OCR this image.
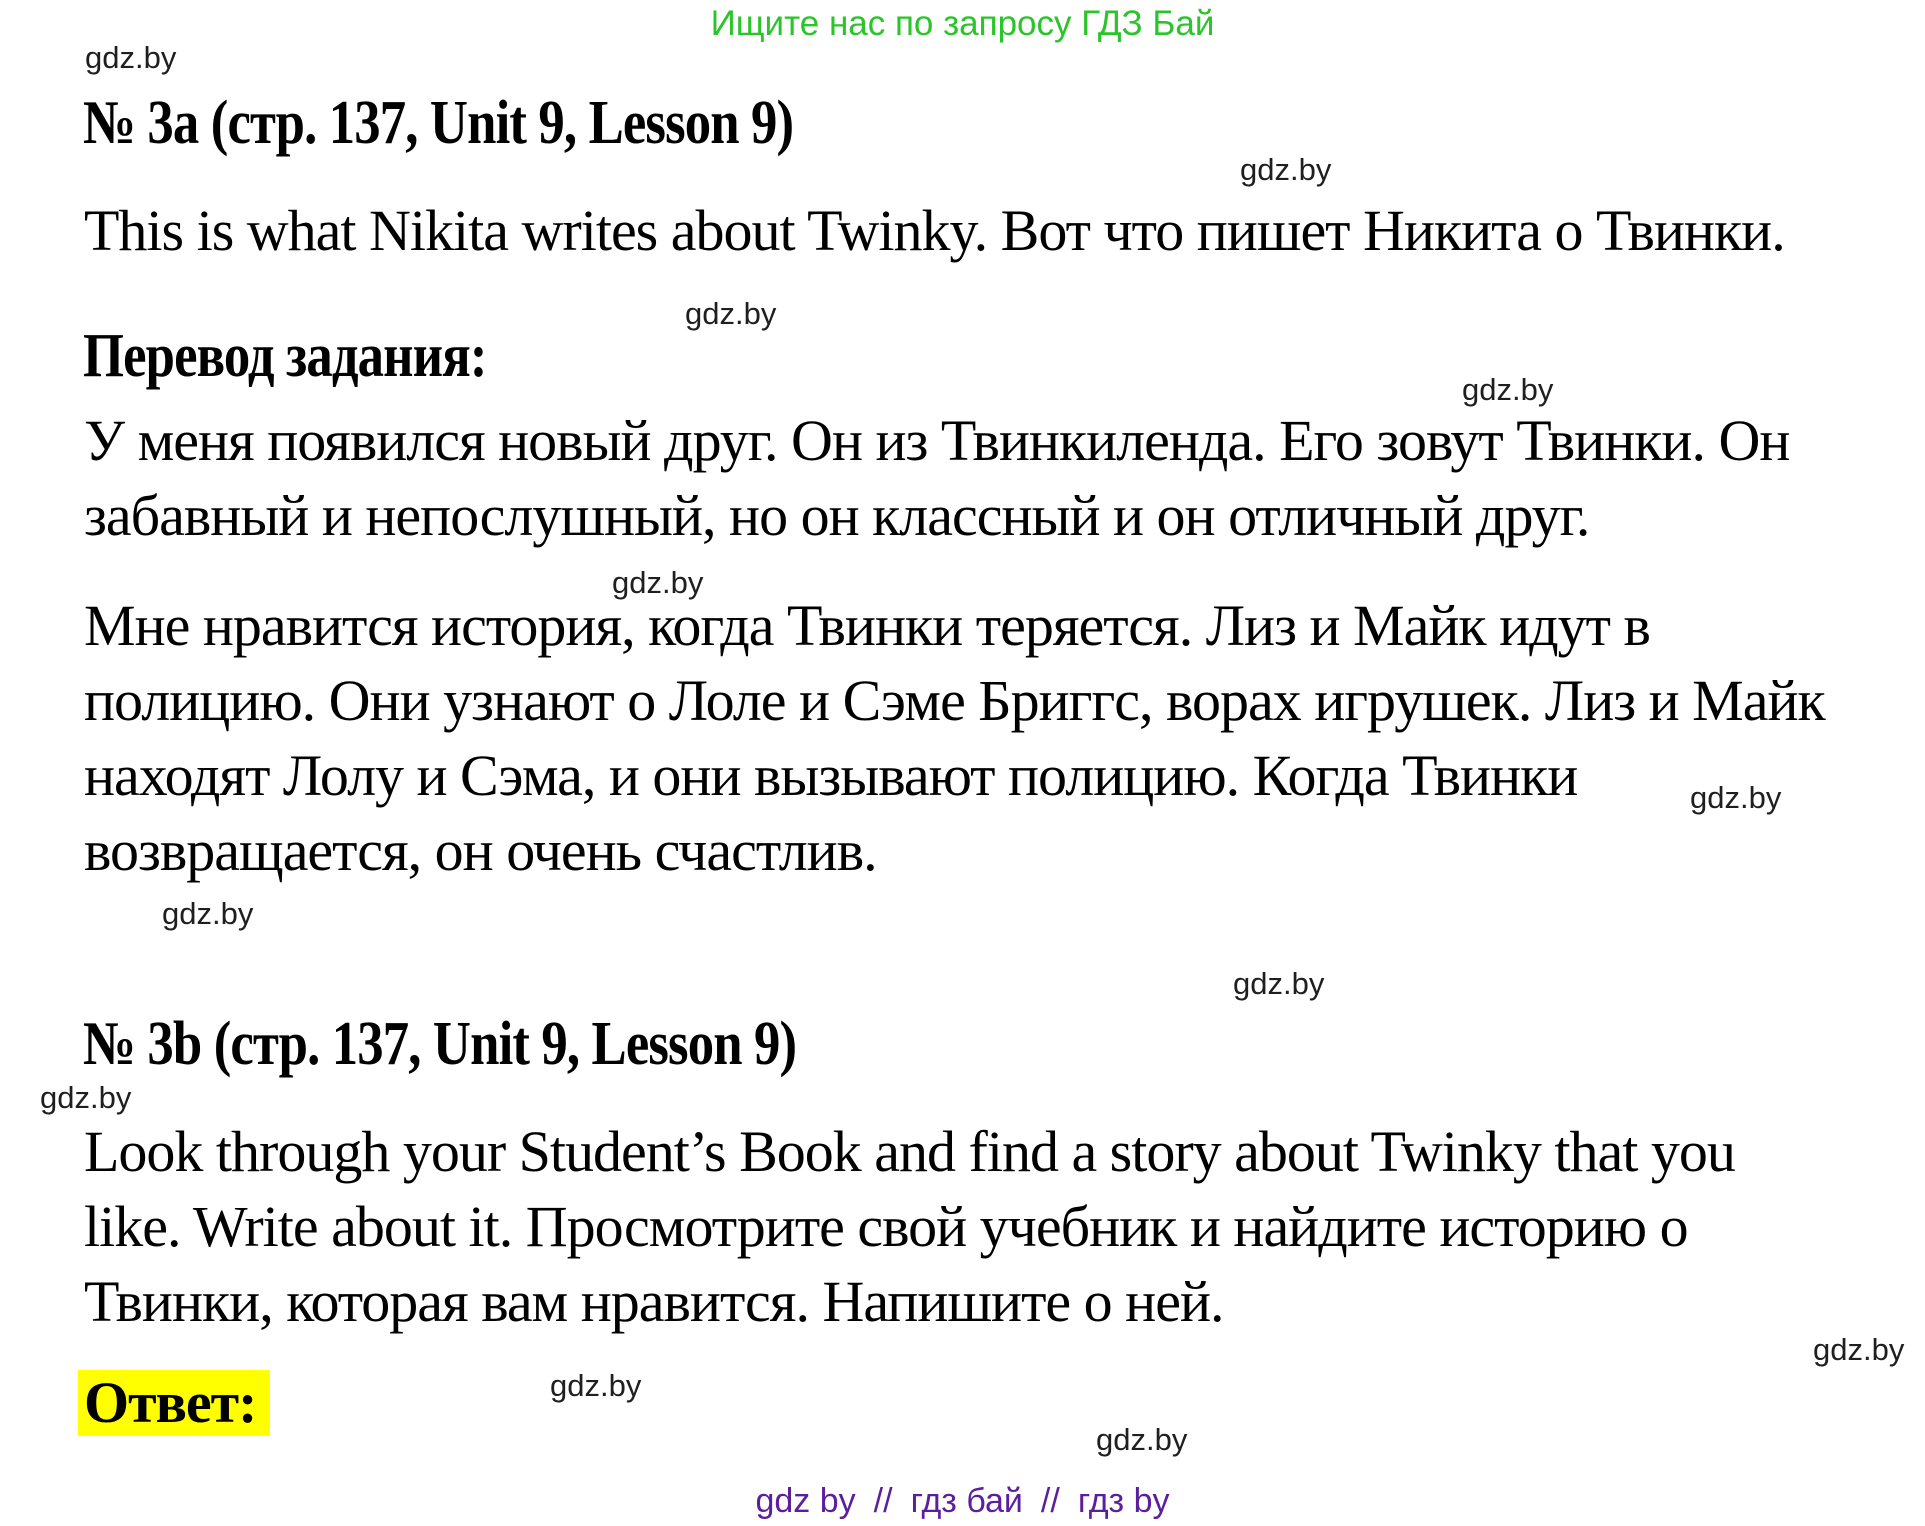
Ищите нас по запросу ГДЗ Бай
gdz.by
gdz.by
gdz.by
gdz.by
gdz.by
gdz.by
gdz.by
gdz.by
gdz.by
gdz.by
gdz.by
gdz.by
№ 3a (стр. 137, Unit 9, Lesson 9)
This is what Nikita writes about Twinky. Вот что пишет Никита о Твинки.
Перевод задания:
У меня появился новый друг. Он из Твинкиленда. Его зовут Твинки. Он
забавный и непослушный, но он классный и он отличный друг.
Мне нравится история, когда Твинки теряется. Лиз и Майк идут в
полицию. Они узнают о Лоле и Сэме Бриггс, ворах игрушек. Лиз и Майк
находят Лолу и Сэма, и они вызывают полицию. Когда Твинки
возвращается, он очень счастлив.
№ 3b (стр. 137, Unit 9, Lesson 9)
Look through your Student’s Book and find a story about Twinky that you
like. Write about it. Просмотрите свой учебник и найдите историю о
Твинки, которая вам нравится. Напишите о ней.
Ответ:
gdz by // гдз бай // гдз by
